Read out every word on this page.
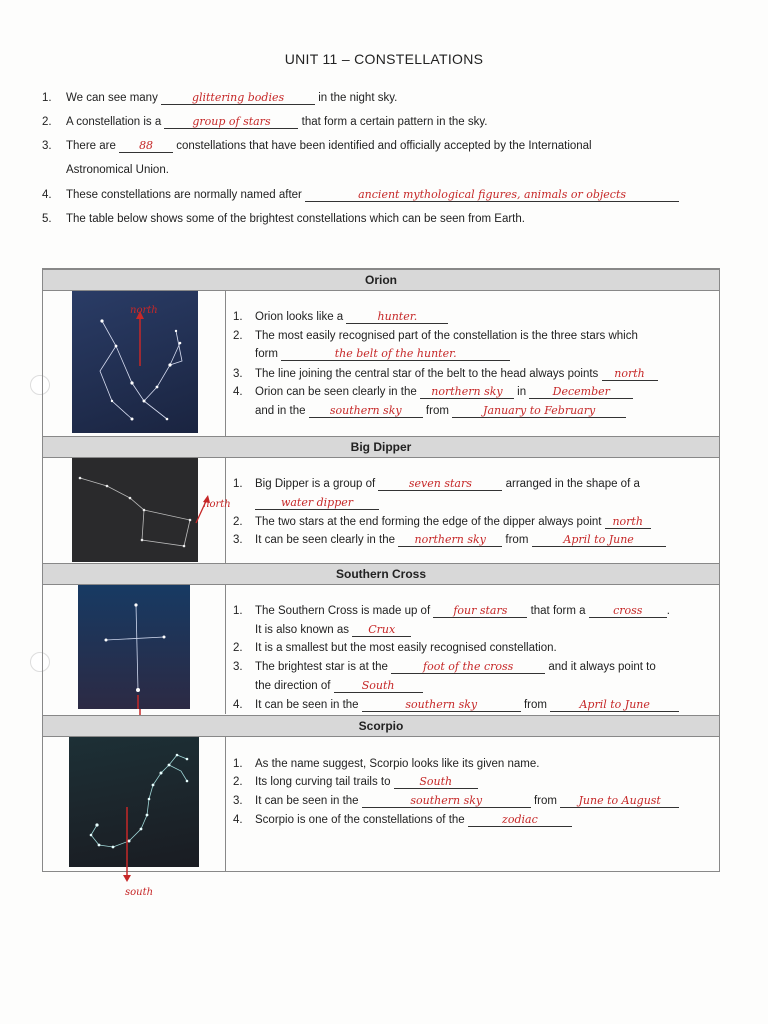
UNIT 11 – CONSTELLATIONS
1.	We can see many	glittering bodies	in the night sky.
2.	A constellation is a	group of stars	that form a certain pattern in the sky.
3.	There are 88 constellations that have been identified and officially accepted by the International
Astronomical Union.
4.	These constellations are normally named after	ancient mythological figures, animals or objects
5.	The table below shows some of the brightest constellations which can be seen from Earth.
Orion
north
1. Orion looks like a	hunter.
2. The most easily recognised part of the constellation is the three stars which
form	the belt of the hunter.
3. The line joining the central star of the belt to the head always points north
4. Orion can be seen clearly in the northern sky in December
and in the southern sky from	January to February
Big Dipper
north
1. Big Dipper is a group of	seven stars	arranged in the shape of a
water dipper
2. The two stars at the end forming the edge of the dipper always point north
3. It can be seen clearly in the northern sky from	April to June
Southern Cross
1. The Southern Cross is made up of four stars that form a	cross .
It is also known as Crux
2. It is a smallest but the most easily recognised constellation.
3. The brightest star is at the	foot of the cross	and it always point to
the direction of	South
4. It can be seen in the	southern sky	from	April to June
Scorpio
south
1. As the name suggest, Scorpio looks like its given name.
2. Its long curving tail trails to	South
3. It can be seen in the	southern sky	from June to August
4. Scorpio is one of the constellations of the	zodiac
